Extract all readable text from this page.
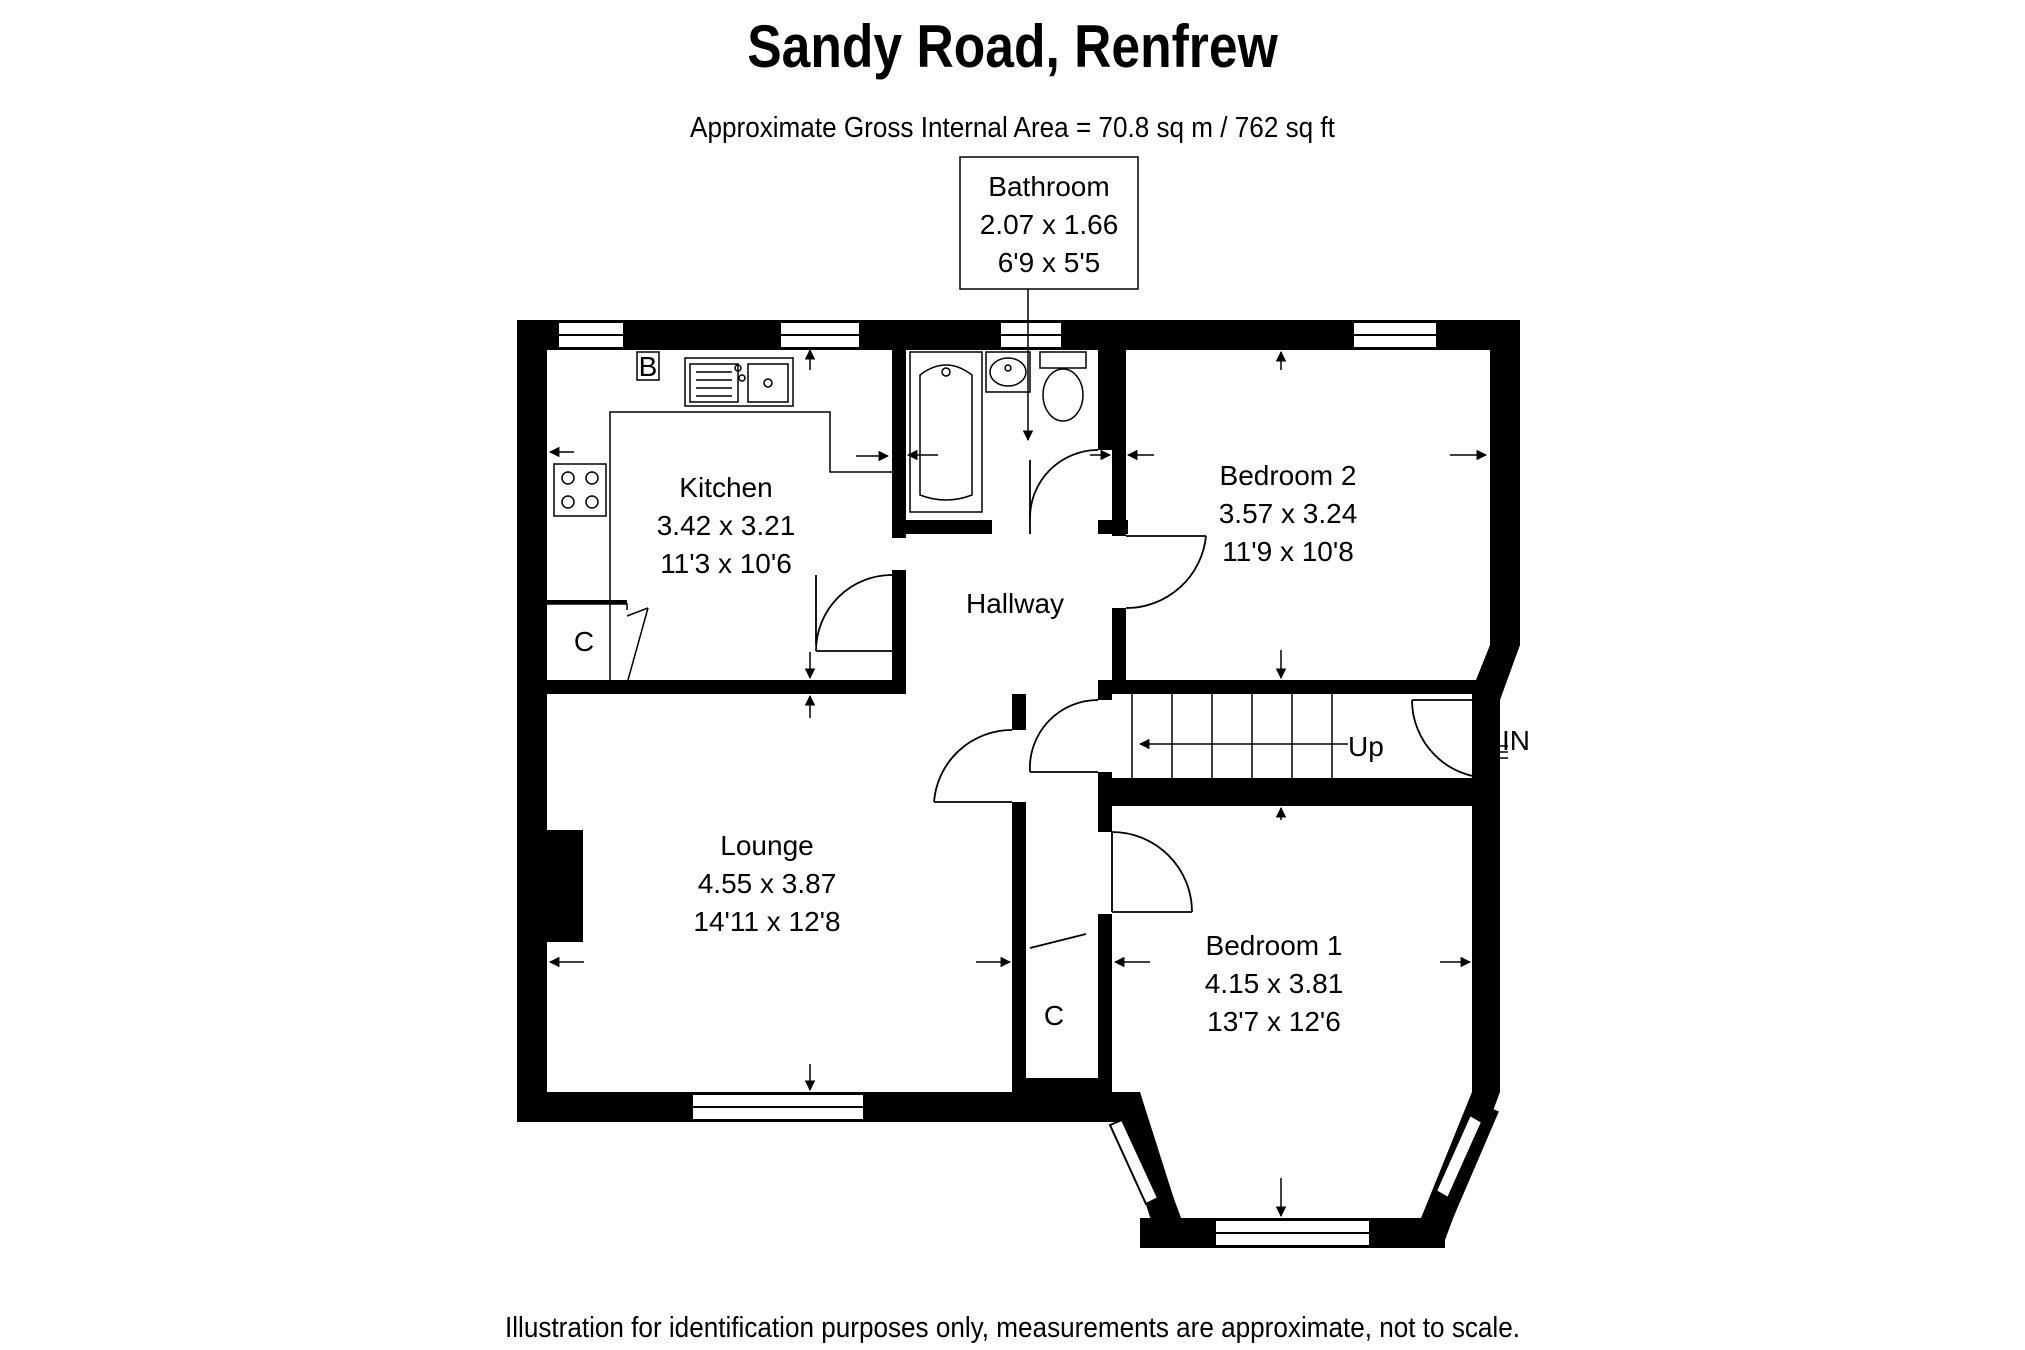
Sandy Road, Renfrew
Approximate Gross Internal Area = 70.8 sq m / 762 sq ft
Bathroom
2.07 x 1.66
6'9 x 5'5
Kitchen
3.42 x 3.21
11'3 x 10'6
Bedroom 2
3.57 x 3.24
11'9 x 10'8
Hallway
Lounge
4.55 x 3.87
14'11 x 12'8
Bedroom 1
4.15 x 3.81
13'7 x 12'6
B
C
C
Up	IN
Illustration for identification purposes only, measurements are approximate, not to scale.
